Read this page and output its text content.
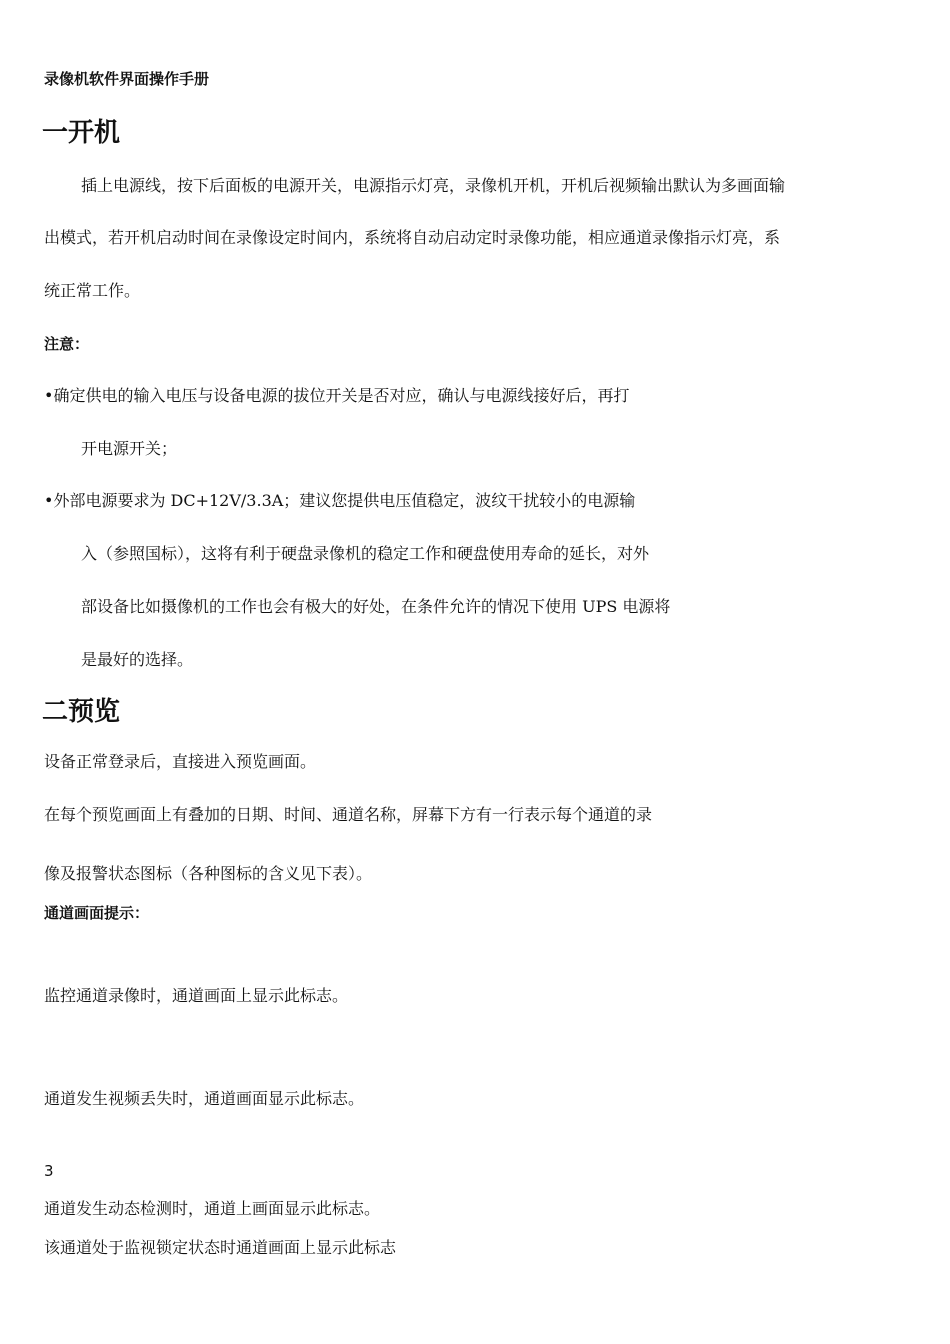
录像机软件界面操作手册
一开机
插上电源线，按下后面板的电源开关，电源指示灯亮，录像机开机，开机后视频输出默认为多画面输
出模式，若开机启动时间在录像设定时间内，系统将自动启动定时录像功能，相应通道录像指示灯亮，系
统正常工作。
注意：
•确定供电的输入电压与设备电源的拔位开关是否对应，确认与电源线接好后，再打
开电源开关；
•外部电源要求为 DC+12V/3.3A；建议您提供电压值稳定，波纹干扰较小的电源输
入（参照国标），这将有利于硬盘录像机的稳定工作和硬盘使用寿命的延长，对外
部设备比如摄像机的工作也会有极大的好处，在条件允许的情况下使用 UPS 电源将
是最好的选择。
二预览
设备正常登录后，直接进入预览画面。
在每个预览画面上有叠加的日期、时间、通道名称，屏幕下方有一行表示每个通道的录
像及报警状态图标（各种图标的含义见下表）。
通道画面提示：
监控通道录像时，通道画面上显示此标志。
通道发生视频丢失时，通道画面显示此标志。
3
通道发生动态检测时，通道上画面显示此标志。
该通道处于监视锁定状态时通道画面上显示此标志
